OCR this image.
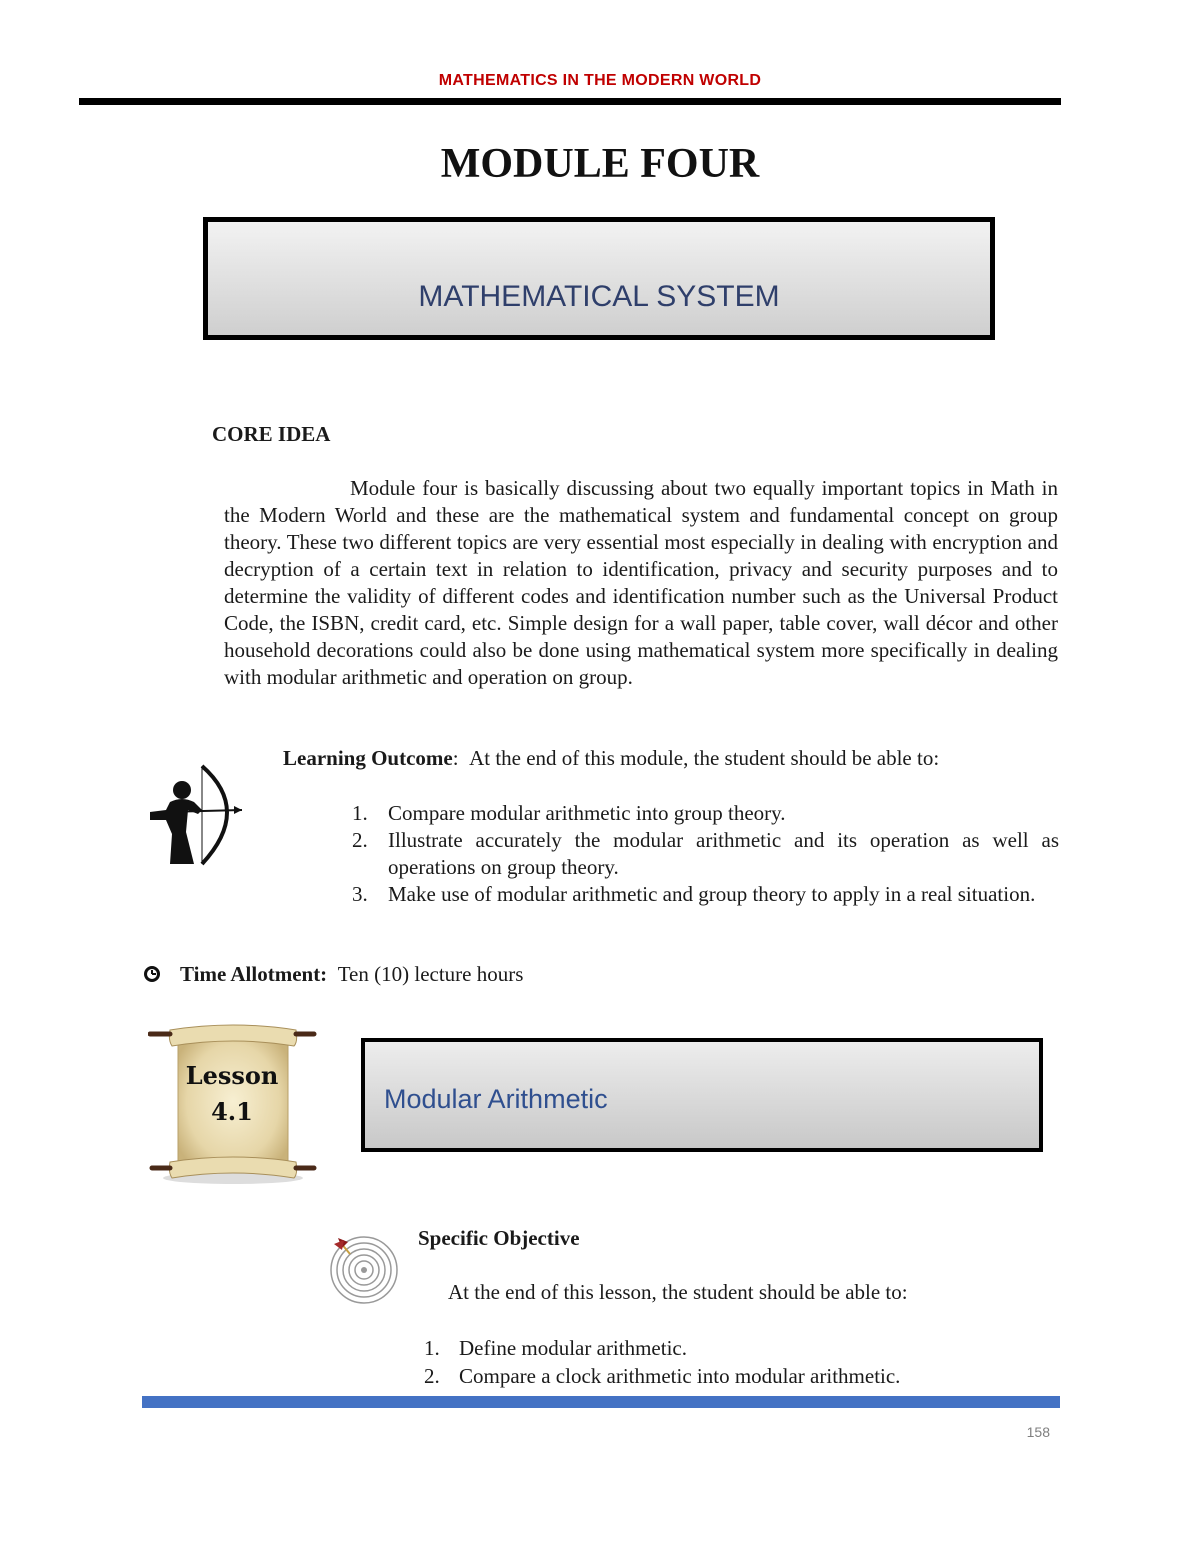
MATHEMATICS IN THE MODERN WORLD
MODULE FOUR
MATHEMATICAL SYSTEM
CORE IDEA
Module four is basically discussing about two equally important topics in Math in the Modern World and these are the mathematical system and fundamental concept on group theory. These two different topics are very essential most especially in dealing with encryption and decryption of a certain text in relation to identification, privacy and security purposes and to determine the validity of different codes and identification number such as the Universal Product Code, the ISBN, credit card, etc. Simple design for a wall paper, table cover, wall décor and other household decorations could also be done using mathematical system more specifically in dealing with modular arithmetic and operation on group.
Learning Outcome: At the end of this module, the student should be able to:
1. Compare modular arithmetic into group theory.
2. Illustrate accurately the modular arithmetic and its operation as well as operations on group theory.
3. Make use of modular arithmetic and group theory to apply in a real situation.
Time Allotment: Ten (10) lecture hours
Lesson
4.1	Modular Arithmetic
Specific Objective
At the end of this lesson, the student should be able to:
1. Define modular arithmetic.
2. Compare a clock arithmetic into modular arithmetic.
158
